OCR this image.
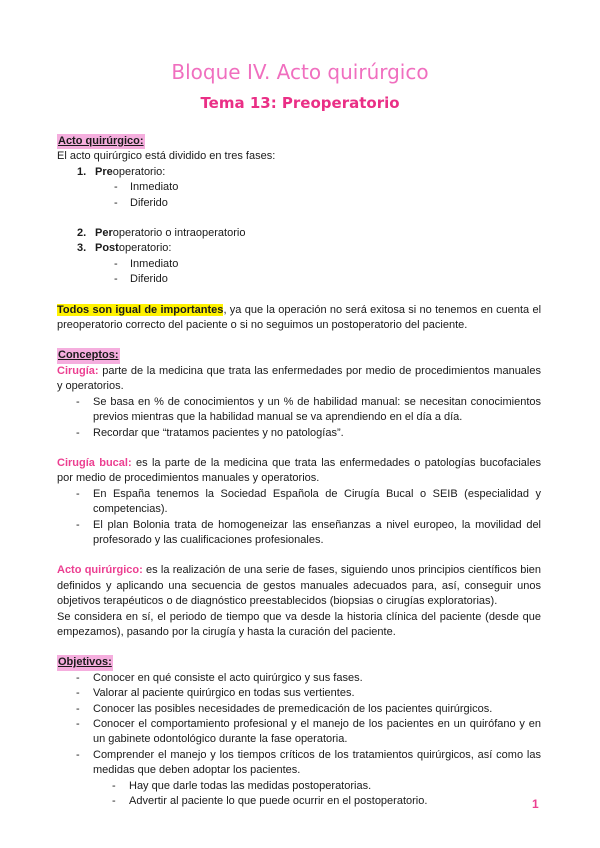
Bloque IV. Acto quirúrgico
Tema 13: Preoperatorio
Acto quirúrgico:

El acto quirúrgico está dividido en tres fases:

1. Preoperatorio:
- Inmediato
- Diferido
2. Peroperatorio o intraoperatorio
3. Postoperatorio:
- Inmediato
- Diferido

Todos son igual de importantes, ya que la operación no será exitosa si no tenemos en cuenta el preoperatorio correcto del paciente o si no seguimos un postoperatorio del paciente.

Conceptos:

Cirugía: parte de la medicina que trata las enfermedades por medio de procedimientos manuales y operatorios.

- Se basa en % de conocimientos y un % de habilidad manual: se necesitan conocimientos previos mientras que la habilidad manual se va aprendiendo en el día a día.
- Recordar que “tratamos pacientes y no patologías”.

Cirugía bucal: es la parte de la medicina que trata las enfermedades o patologías bucofaciales por medio de procedimientos manuales y operatorios.

- En España tenemos la Sociedad Española de Cirugía Bucal o SEIB (especialidad y competencias).
- El plan Bolonia trata de homogeneizar las enseñanzas a nivel europeo, la movilidad del profesorado y las cualificaciones profesionales.

Acto quirúrgico: es la realización de una serie de fases, siguiendo unos principios científicos bien definidos y aplicando una secuencia de gestos manuales adecuados para, así, conseguir unos objetivos terapéuticos o de diagnóstico preestablecidos (biopsias o cirugías exploratorias).

Se considera en sí, el periodo de tiempo que va desde la historia clínica del paciente (desde que empezamos), pasando por la cirugía y hasta la curación del paciente.

Objetivos:
- Conocer en qué consiste el acto quirúrgico y sus fases.
- Valorar al paciente quirúrgico en todas sus vertientes.
- Conocer las posibles necesidades de premedicación de los pacientes quirúrgicos.
- Conocer el comportamiento profesional y el manejo de los pacientes en un quirófano y en un gabinete odontológico durante la fase operatoria.
- Comprender el manejo y los tiempos críticos de los tratamientos quirúrgicos, así como las medidas que deben adoptar los pacientes.
- Hay que darle todas las medidas postoperatorias.
- Advertir al paciente lo que puede ocurrir en el postoperatorio.	1
